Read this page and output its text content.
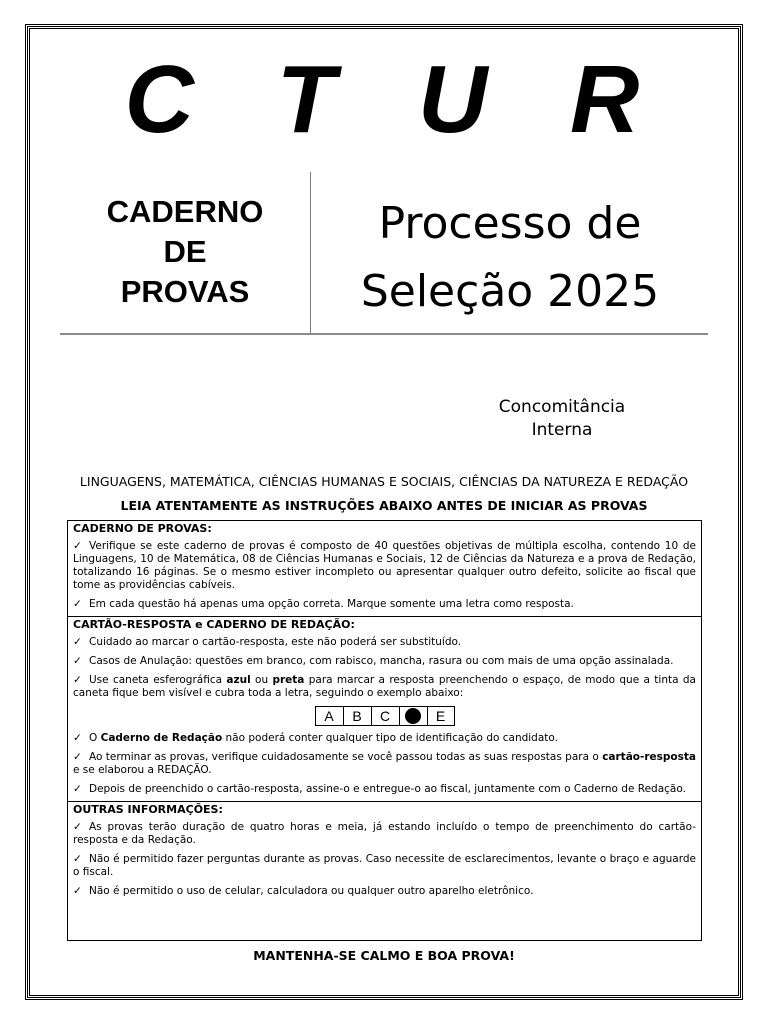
C T U R
CADERNO
DE
PROVAS
Processo de
Seleção 2025
Concomitância
Interna
LINGUAGENS, MATEMÁTICA, CIÊNCIAS HUMANAS E SOCIAIS, CIÊNCIAS DA NATUREZA E REDAÇÃO
LEIA ATENTAMENTE AS INSTRUÇÕES ABAIXO ANTES DE INICIAR AS PROVAS
CADERNO DE PROVAS:
✓ Verifique se este caderno de provas é composto de 40 questões objetivas de múltipla escolha, contendo 10 de Linguagens, 10 de Matemática, 08 de Ciências Humanas e Sociais, 12 de Ciências da Natureza e a prova de Redação, totalizando 16 páginas. Se o mesmo estiver incompleto ou apresentar qualquer outro defeito, solicite ao fiscal que tome as providências cabíveis.
✓ Em cada questão há apenas uma opção correta. Marque somente uma letra como resposta.
CARTÃO-RESPOSTA e CADERNO DE REDAÇÃO:
✓ Cuidado ao marcar o cartão-resposta, este não poderá ser substituído.
✓ Casos de Anulação: questões em branco, com rabisco, mancha, rasura ou com mais de uma opção assinalada.
✓ Use caneta esferográfica azul ou preta para marcar a resposta preenchendo o espaço, de modo que a tinta da caneta fique bem visível e cubra toda a letra, seguindo o exemplo abaixo:
A	B	C	E
✓ O Caderno de Redação não poderá conter qualquer tipo de identificação do candidato.
✓ Ao terminar as provas, verifique cuidadosamente se você passou todas as suas respostas para o cartão-resposta e se elaborou a REDAÇÃO.
✓ Depois de preenchido o cartão-resposta, assine-o e entregue-o ao fiscal, juntamente com o Caderno de Redação.
OUTRAS INFORMAÇÕES:
✓ As provas terão duração de quatro horas e meia, já estando incluído o tempo de preenchimento do cartão-resposta e da Redação.
✓ Não é permitido fazer perguntas durante as provas. Caso necessite de esclarecimentos, levante o braço e aguarde o fiscal.
✓ Não é permitido o uso de celular, calculadora ou qualquer outro aparelho eletrônico.
MANTENHA-SE CALMO E BOA PROVA!
